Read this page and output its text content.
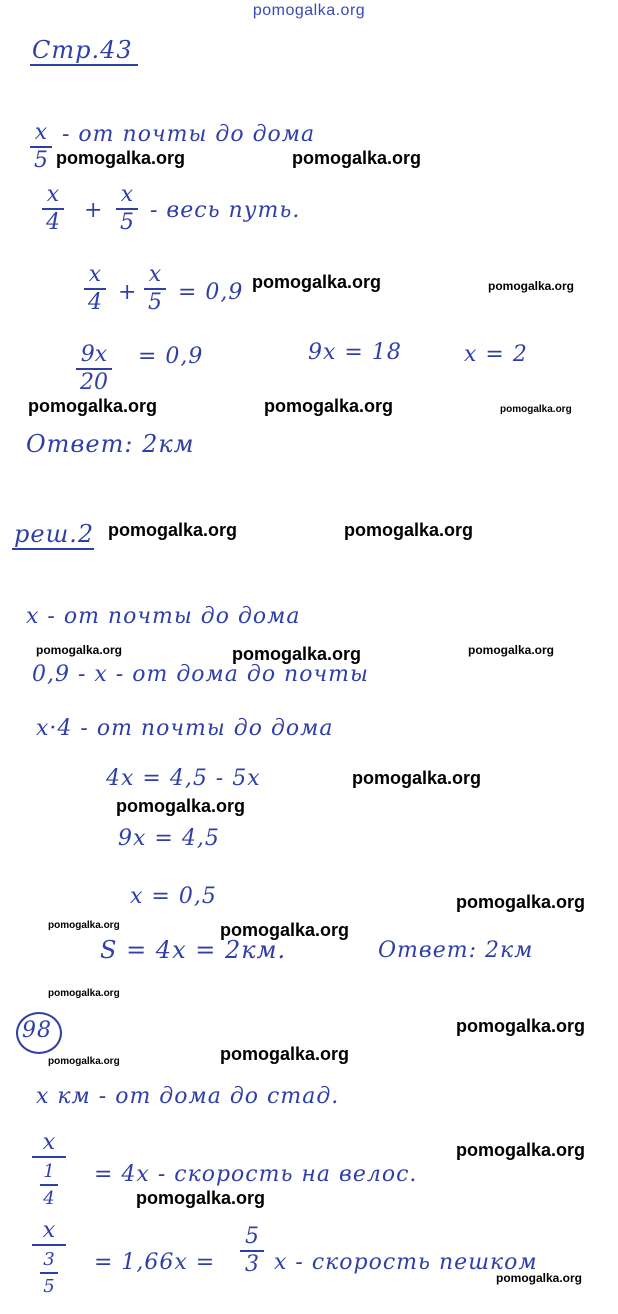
pomogalka.org
Стр.43
x
5
- от почты до дома
x
4 +
x
5 - весь путь.
x
4 +
x
5 = 0,9
9x
20
= 0,9	9x = 18	x = 2
Ответ: 2км
реш.2
x - от почты до дома
0,9 - x - от дома до почты
x·4 - от почты до дома
4x = 4,5 - 5x
9x = 4,5
x = 0,5
S = 4x = 2км.	Ответ: 2км
98
x км - от дома до стад.
x
1
4
= 4x - скорость на велос.
x
3
5
= 1,66x =
5
3 x - скорость пешком
pomogalka.org	pomogalka.org
pomogalka.org	pomogalka.org
pomogalka.org	pomogalka.org	pomogalka.org
pomogalka.org	pomogalka.org
pomogalka.org	pomogalka.org	pomogalka.org
pomogalka.org
pomogalka.org
pomogalka.org
pomogalka.org	pomogalka.org
pomogalka.org
pomogalka.org
pomogalka.org
pomogalka.org
pomogalka.org
pomogalka.org
pomogalka.org
